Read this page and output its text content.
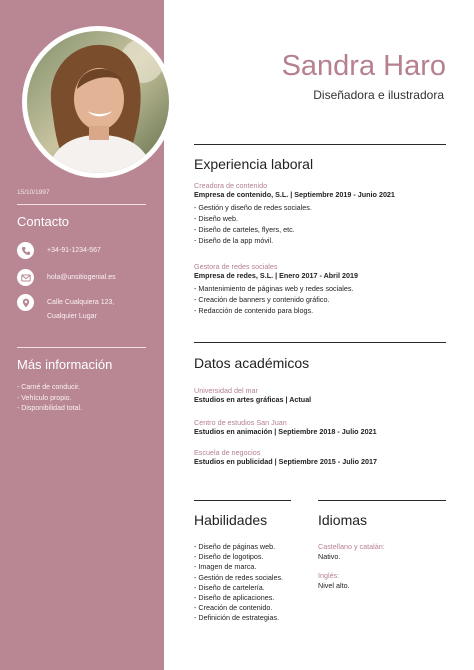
15/10/1997
Contacto
+34-91-1234-567
hola@unsitiogenial.es
Calle Cualquiera 123,
Cualquier Lugar
Más información
- Carné de conducir.
- Vehículo propio.
- Disponibilidad total.
Sandra Haro
Diseñadora e ilustradora
Experiencia laboral
Creadora de contenido
Empresa de contenido, S.L. | Septiembre 2019 - Junio 2021
- Gestión y diseño de redes sociales.
- Diseño web.
- Diseño de carteles, flyers, etc.
- Diseño de la app móvil.
Gestora de redes sociales
Empresa de redes, S.L. | Enero 2017 - Abril 2019
- Mantenimiento de páginas web y redes sociales.
- Creación de banners y contenido gráfico.
- Redacción de contenido para blogs.
Datos académicos
Universidad del mar
Estudios en artes gráficas | Actual
Centro de estudios San Juan
Estudios en animación | Septiembre 2018 - Julio 2021
Escuela de negocios
Estudios en publicidad | Septiembre 2015 - Julio 2017
Habilidades	Idiomas
- Diseño de páginas web.
- Diseño de logotipos.
- Imagen de marca.
- Gestión de redes sociales.
- Diseño de cartelería.
- Diseño de aplicaciones.
- Creación de contenido.
- Definición de estrategias.
Castellano y catalán:
Nativo.
Inglés:
Nivel alto.
